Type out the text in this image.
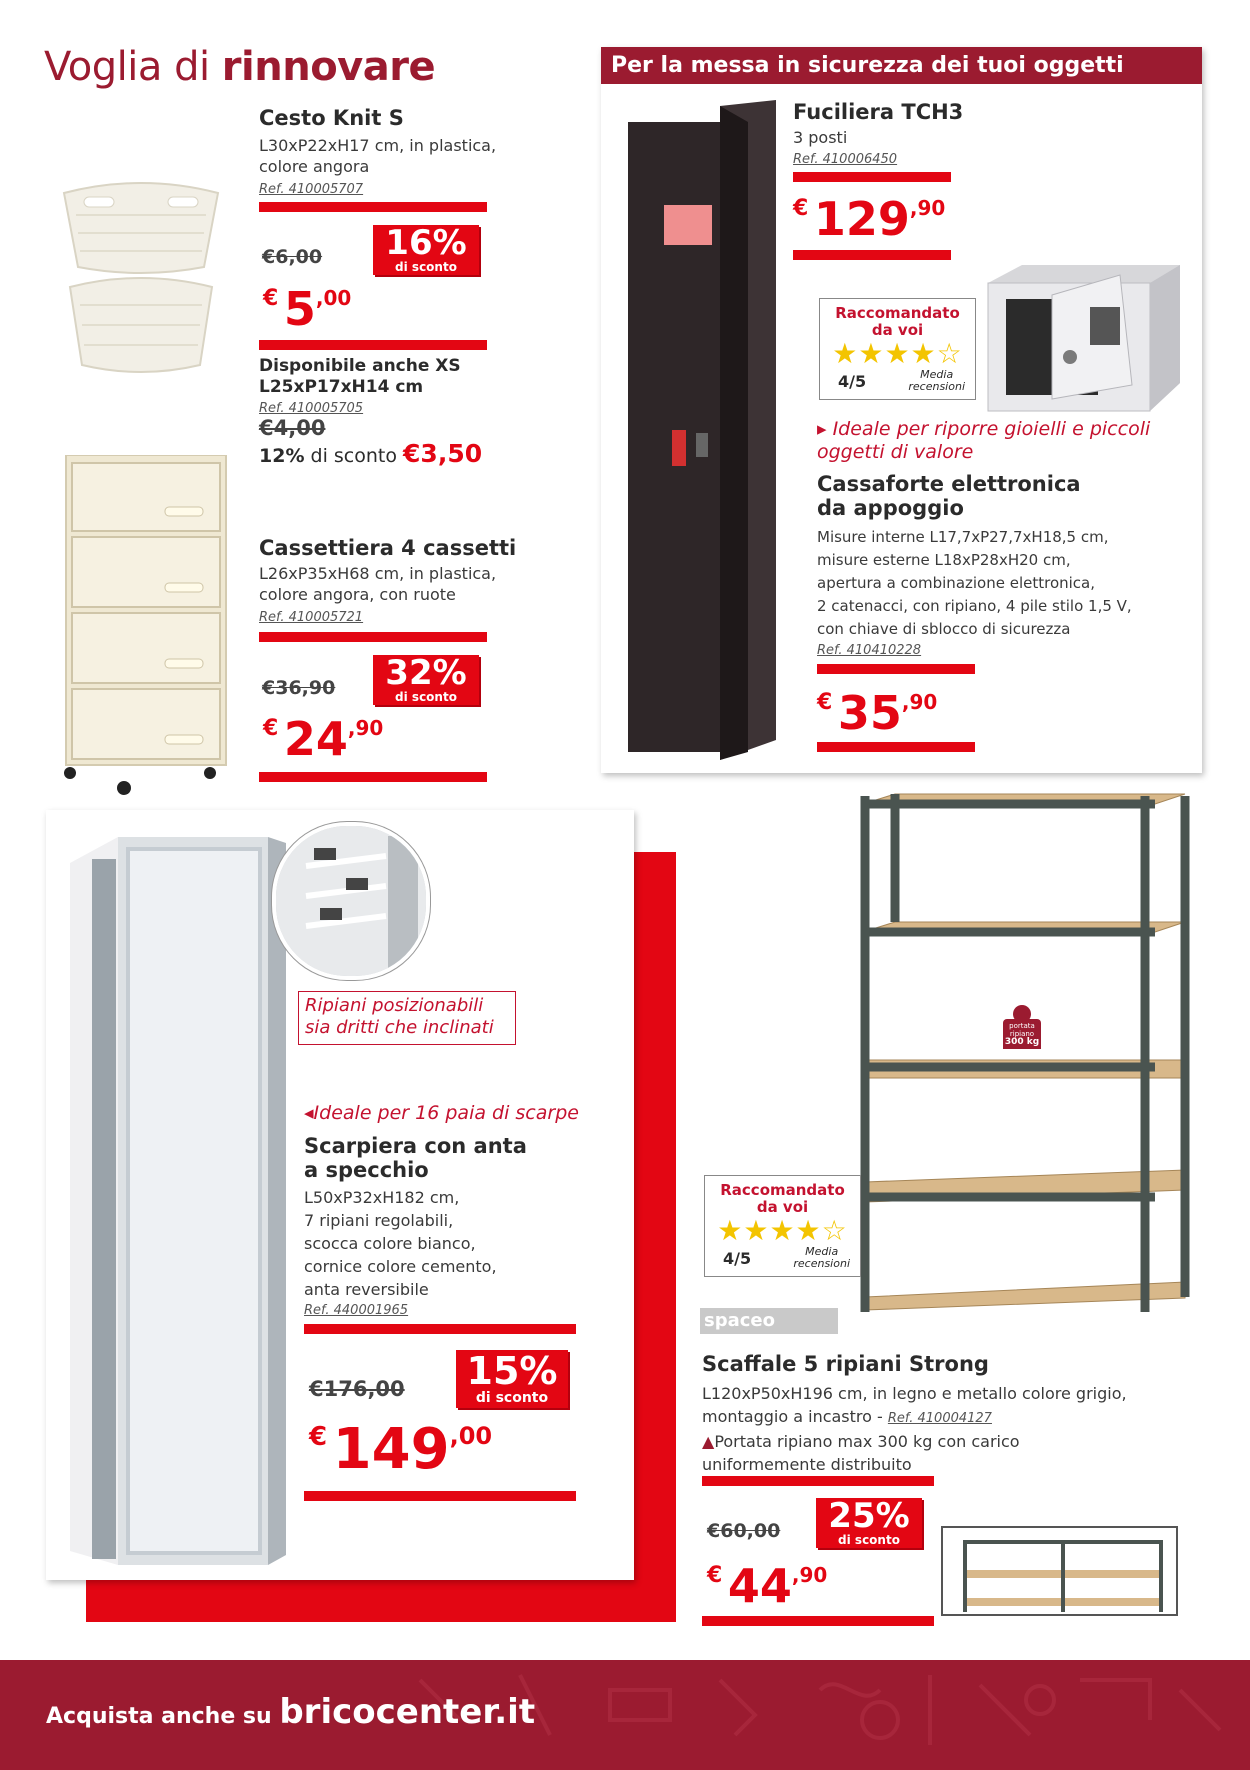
Voglia di rinnovare
Cesto Knit S
L30xP22xH17 cm, in plastica,
colore angora
Ref. 410005707
€6,00	16%
di sconto
€ 5,00
Disponibile anche XS
L25xP17xH14 cm
Ref. 410005705
€4,00
12% di sconto €3,50
Cassettiera 4 cassetti
L26xP35xH68 cm, in plastica,
colore angora, con ruote
Ref. 410005721
€36,90	32%
di sconto
€ 24,90
Per la messa in sicurezza dei tuoi oggetti
Fuciliera TCH3
3 posti
Ref. 410006450
€ 129,90
Raccomandato
da voi
★★★★☆
4/5	Media
recensioni
▸ Ideale per riporre gioielli e piccoli
oggetti di valore
Cassaforte elettronica
da appoggio
Misure interne L17,7xP27,7xH18,5 cm,
misure esterne L18xP28xH20 cm,
apertura a combinazione elettronica,
2 catenacci, con ripiano, 4 pile stilo 1,5 V,
con chiave di sblocco di sicurezza
Ref. 410410228
€ 35,90
Ripiani posizionabili
sia dritti che inclinati
◂Ideale per 16 paia di scarpe
Scarpiera con anta
a specchio
L50xP32xH182 cm,
7 ripiani regolabili,
scocca colore bianco,
cornice colore cemento,
anta reversibile
Ref. 440001965
€176,00 15%
di sconto
€ 149,00
portata
ripiano
300 kg
Raccomandato
da voi
★★★★☆
4/5	Media
recensioni
spaceo
Scaffale 5 ripiani Strong
L120xP50xH196 cm, in legno e metallo colore grigio,
montaggio a incastro - Ref. 410004127
▲Portata ripiano max 300 kg con carico
uniformemente distribuito
€60,00	25%
di sconto
€ 44,90
Acquista anche su bricocenter.it
